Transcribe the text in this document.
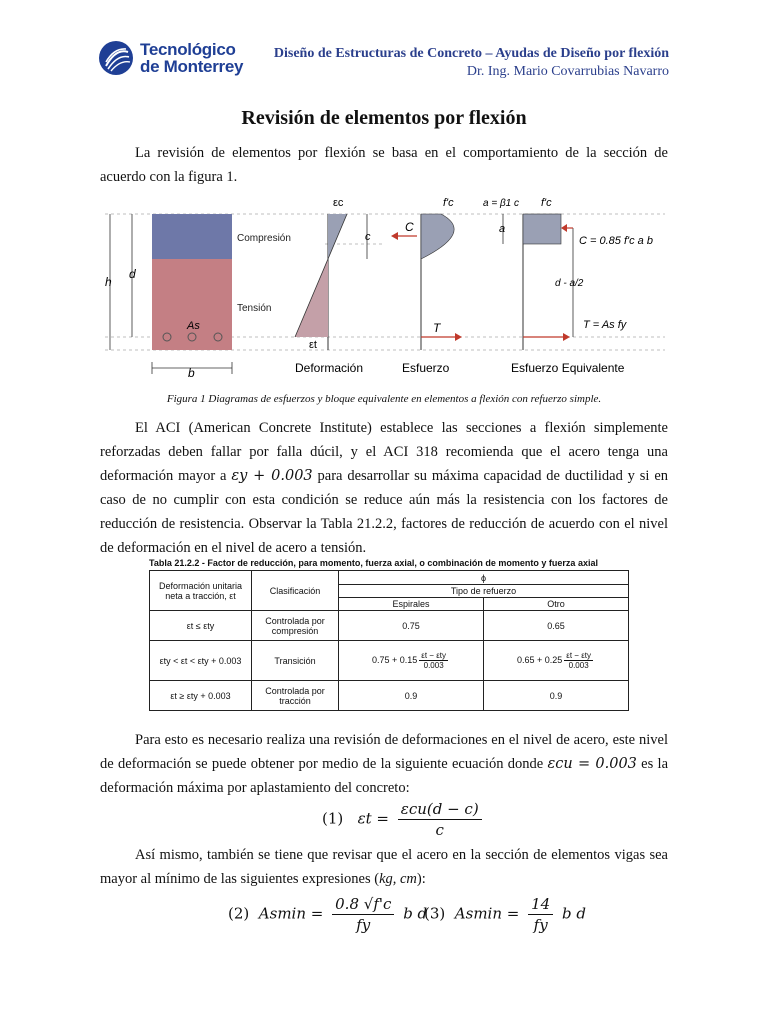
Tecnológico
de Monterrey
Diseño de Estructuras de Concreto – Ayudas de Diseño por flexión
Dr. Ing. Mario Covarrubias Navarro
Revisión de elementos por flexión
La revisión de elementos por flexión se basa en el comportamiento de la sección de acuerdo con la figura 1.
h
d
b
As
Compresión
Tensión
εc
εt
c
Deformación
f'c
C
T
Esfuerzo
a = β1 c f'c
a
C = 0.85 f'c a b
d - a/2
T = As fy
Esfuerzo Equivalente
Figura 1 Diagramas de esfuerzos y bloque equivalente en elementos a flexión con refuerzo simple.
El ACI (American Concrete Institute) establece las secciones a flexión simplemente reforzadas deben fallar por falla dúcil, y el ACI 318 recomienda que el acero tenga una deformación mayor a εy + 0.003 para desarrollar su máxima capacidad de ductilidad y si en caso de no cumplir con esta condición se reduce aún más la resistencia con los factores de reducción de resistencia. Observar la Tabla 21.2.2, factores de reducción de acuerdo con el nivel de deformación en el nivel de acero a tensión.
Tabla 21.2.2 - Factor de reducción, para momento, fuerza axial, o combinación de momento y fuerza axial
Deformación unitaria neta a tracción, εt	Clasificación	ϕ	
		Tipo de refuerzo	
		Espirales	Otro
εt ≤ εty	Controlada por compresión	0.75	0.65
εty < εt < εty + 0.003	Transición	$0.75 + 0.15 \frac{\text{εt − εty}}{0.003}$	$0.65 + 0.25 \frac{\text{εt − εty}}{0.003}$

εt ≥ εty + 0.003	Controlada por tracción	0.9	0.9
Para esto es necesario realiza una revisión de deformaciones en el nivel de acero, este nivel de deformación se puede obtener por medio de la siguiente ecuación donde εcu = 0.003 es la deformación máxima por aplastamiento del concreto:
(1) $\varepsilon t = \frac{\text{εcu(d − c)}}{c}$
Así mismo, también se tiene que revisar que el acero en la sección de elementos vigas sea mayor al mínimo de las siguientes expresiones (kg, cm):
(2) $Asmin = \frac{0.8 √f'c}{fy}$ b d
(3) $Asmin = \frac{14}{fy}$ b d
